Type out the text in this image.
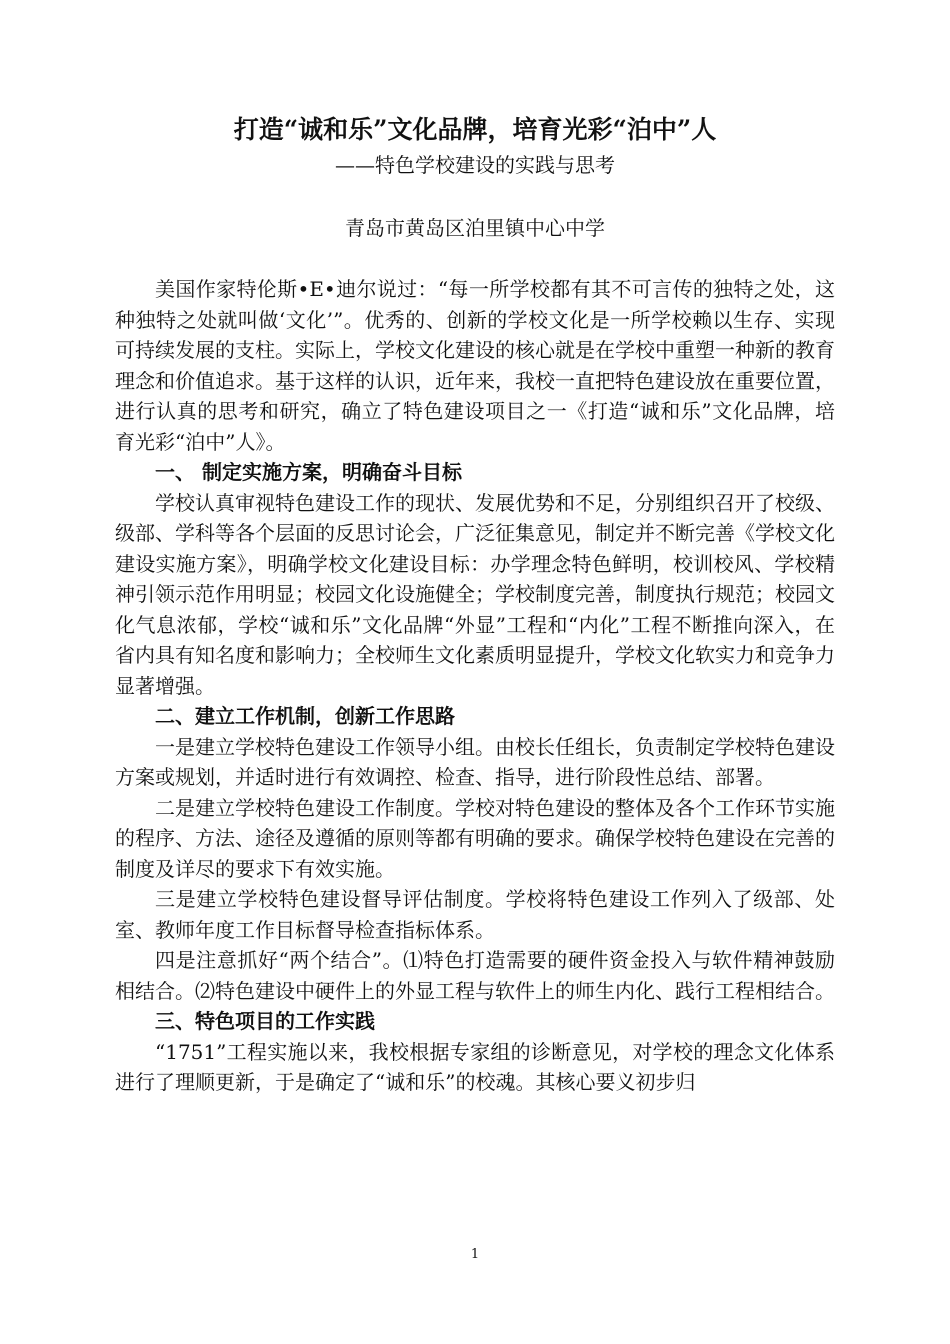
打造“诚和乐”文化品牌，培育光彩“泊中”人
——特色学校建设的实践与思考
青岛市黄岛区泊里镇中心中学

美国作家特伦斯•E•迪尔说过：“每一所学校都有其不可言传的独特之处，这种独特之处就叫做‘文化’”。优秀的、创新的学校文化是一所学校赖以生存、实现可持续发展的支柱。实际上，学校文化建设的核心就是在学校中重塑一种新的教育理念和价值追求。基于这样的认识，近年来，我校一直把特色建设放在重要位置，进行认真的思考和研究，确立了特色建设项目之一《打造“诚和乐”文化品牌，培育光彩“泊中”人》。

一、 制定实施方案，明确奋斗目标

学校认真审视特色建设工作的现状、发展优势和不足，分别组织召开了校级、级部、学科等各个层面的反思讨论会，广泛征集意见，制定并不断完善《学校文化建设实施方案》，明确学校文化建设目标：办学理念特色鲜明，校训校风、学校精神引领示范作用明显；校园文化设施健全；学校制度完善，制度执行规范；校园文化气息浓郁，学校“诚和乐”文化品牌“外显”工程和“内化”工程不断推向深入，在省内具有知名度和影响力；全校师生文化素质明显提升，学校文化软实力和竞争力显著增强。

二、建立工作机制，创新工作思路

一是建立学校特色建设工作领导小组。由校长任组长，负责制定学校特色建设方案或规划，并适时进行有效调控、检查、指导，进行阶段性总结、部署。

二是建立学校特色建设工作制度。学校对特色建设的整体及各个工作环节实施的程序、方法、途径及遵循的原则等都有明确的要求。确保学校特色建设在完善的制度及详尽的要求下有效实施。

三是建立学校特色建设督导评估制度。学校将特色建设工作列入了级部、处室、教师年度工作目标督导检查指标体系。

四是注意抓好“两个结合”。⑴特色打造需要的硬件资金投入与软件精神鼓励相结合。⑵特色建设中硬件上的外显工程与软件上的师生内化、践行工程相结合。

三、特色项目的工作实践

“1751”工程实施以来，我校根据专家组的诊断意见，对学校的理念文化体系进行了理顺更新，于是确定了“诚和乐”的校魂。其核心要义初步归

1
